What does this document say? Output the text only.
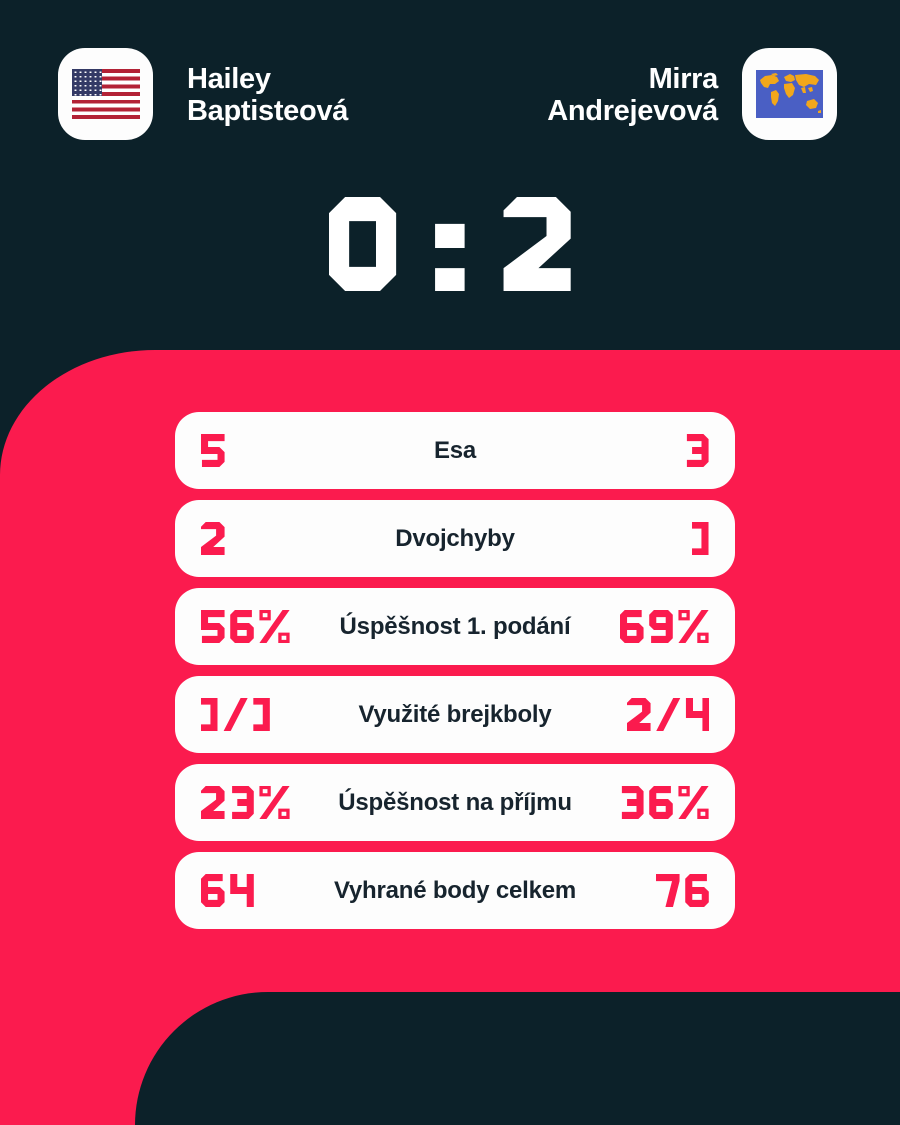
Hailey
Baptisteová
Mirra
Andrejevová
Esa
Dvojchyby
Úspěšnost 1. podání
Využité brejkboly
Úspěšnost na příjmu
Vyhrané body celkem
